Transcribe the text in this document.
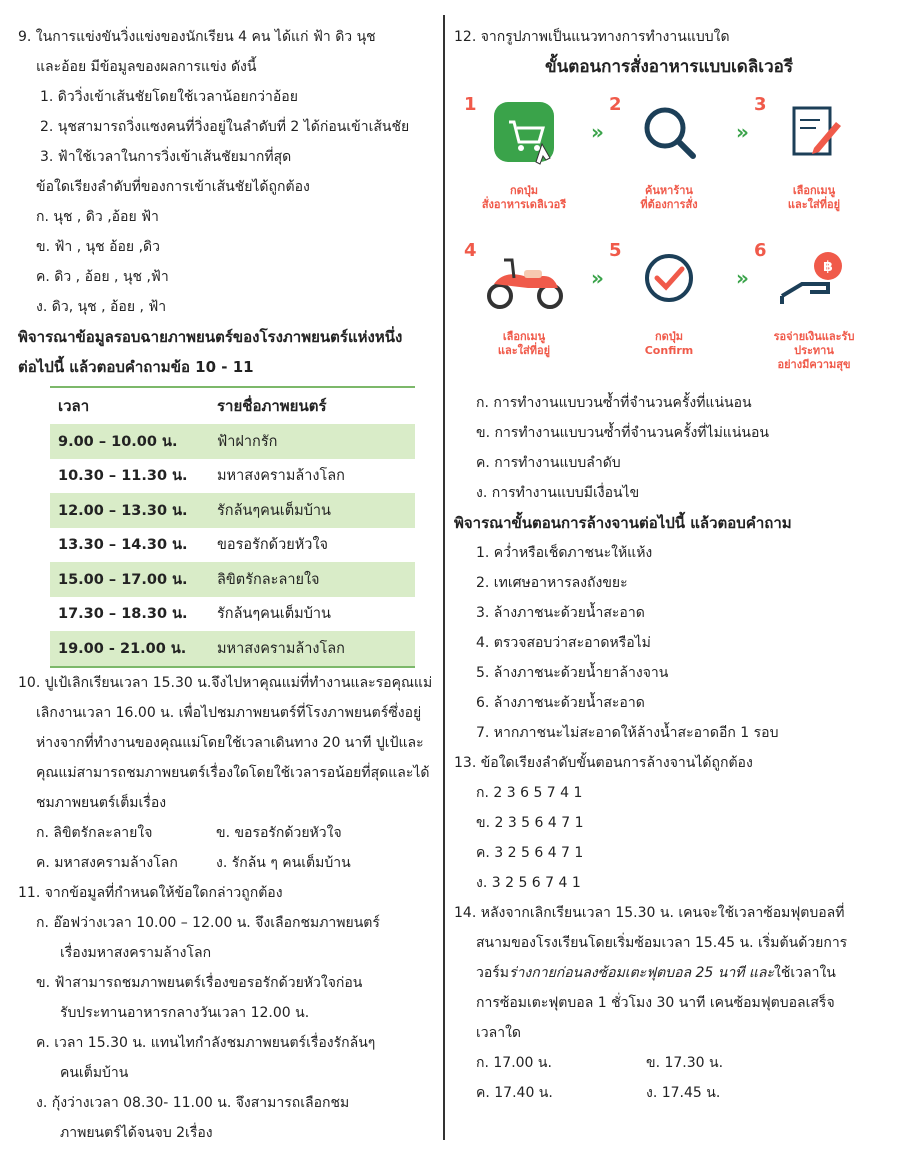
9. ในการแข่งขันวิ่งแข่งของนักเรียน 4 คน ได้แก่ ฟ้า ดิว นุช
และอ้อย มีข้อมูลของผลการแข่ง ดังนี้
1. ดิววิ่งเข้าเส้นชัยโดยใช้เวลาน้อยกว่าอ้อย
2. นุชสามารถวิ่งแซงคนที่วิ่งอยู่ในลำดับที่ 2 ได้ก่อนเข้าเส้นชัย
3. ฟ้าใช้เวลาในการวิ่งเข้าเส้นชัยมากที่สุด
ข้อใดเรียงลำดับที่ของการเข้าเส้นชัยได้ถูกต้อง
ก. นุช , ดิว ,อ้อย ฟ้า
ข. ฟ้า , นุช อ้อย ,ดิว
ค. ดิว , อ้อย , นุช ,ฟ้า
ง. ดิว, นุช , อ้อย , ฟ้า
พิจารณาข้อมูลรอบฉายภาพยนตร์ของโรงภาพยนตร์แห่งหนึ่ง
ต่อไปนี้ แล้วตอบคำถามข้อ 10 - 11
เวลา	รายชื่อภาพยนตร์
9.00 – 10.00 น.	ฟ้าฝากรัก
10.30 – 11.30 น.	มหาสงครามล้างโลก
12.00 – 13.30 น.	รักล้นๆคนเต็มบ้าน
13.30 – 14.30 น.	ขอรอรักด้วยหัวใจ
15.00 – 17.00 น.	ลิขิตรักละลายใจ
17.30 – 18.30 น.	รักล้นๆคนเต็มบ้าน
19.00 - 21.00 น.	มหาสงครามล้างโลก
10. ปูเป้เลิกเรียนเวลา 15.30 น.จึงไปหาคุณแม่ที่ทำงานและรอคุณแม่
เลิกงานเวลา 16.00 น. เพื่อไปชมภาพยนตร์ที่โรงภาพยนตร์ซึ่งอยู่
ห่างจากที่ทำงานของคุณแม่โดยใช้เวลาเดินทาง 20 นาที ปูเป้และ
คุณแม่สามารถชมภาพยนตร์เรื่องใดโดยใช้เวลารอน้อยที่สุดและได้
ชมภาพยนตร์เต็มเรื่อง
ก. ลิขิตรักละลายใจ	ข. ขอรอรักด้วยหัวใจ
ค. มหาสงครามล้างโลก	ง. รักล้น ๆ คนเต็มบ้าน
11. จากข้อมูลที่กำหนดให้ข้อใดกล่าวถูกต้อง
ก. อ๊อฟว่างเวลา 10.00 – 12.00 น. จึงเลือกชมภาพยนตร์
เรื่องมหาสงครามล้างโลก
ข. ฟ้าสามารถชมภาพยนตร์เรื่องขอรอรักด้วยหัวใจก่อน
รับประทานอาหารกลางวันเวลา 12.00 น.
ค. เวลา 15.30 น. แทนไทกำลังชมภาพยนตร์เรื่องรักล้นๆ
คนเต็มบ้าน
ง. กุ้งว่างเวลา 08.30- 11.00 น. จึงสามารถเลือกชม
ภาพยนตร์ได้จนจบ 2เรื่อง
12. จากรูปภาพเป็นแนวทางการทำงานแบบใด
ขั้นตอนการสั่งอาหารแบบเดลิเวอรี
1
กดปุ่ม
สั่งอาหารเดลิเวอรี
»
2
ค้นหาร้าน
ที่ต้องการสั่ง
»
3
เลือกเมนู
และใส่ที่อยู่
4
เลือกเมนู
และใส่ที่อยู่
»
5
กดปุ่ม
Confirm
»
6
฿
รอจ่ายเงินและรับประทาน
อย่างมีความสุข
ก. การทำงานแบบวนซ้ำที่จำนวนครั้งที่แน่นอน
ข. การทำงานแบบวนซ้ำที่จำนวนครั้งที่ไม่แน่นอน
ค. การทำงานแบบลำดับ
ง. การทำงานแบบมีเงื่อนไข
พิจารณาขั้นตอนการล้างจานต่อไปนี้ แล้วตอบคำถาม
1. คว่ำหรือเช็ดภาชนะให้แห้ง
2. เทเศษอาหารลงถังขยะ
3. ล้างภาชนะด้วยน้ำสะอาด
4. ตรวจสอบว่าสะอาดหรือไม่
5. ล้างภาชนะด้วยน้ำยาล้างจาน
6. ล้างภาชนะด้วยน้ำสะอาด
7. หากภาชนะไม่สะอาดให้ล้างน้ำสะอาดอีก 1 รอบ
13. ข้อใดเรียงลำดับขั้นตอนการล้างจานได้ถูกต้อง
ก. 2 3 6 5 7 4 1
ข. 2 3 5 6 4 7 1
ค. 3 2 5 6 4 7 1
ง. 3 2 5 6 7 4 1
14. หลังจากเลิกเรียนเวลา 15.30 น. เคนจะใช้เวลาซ้อมฟุตบอลที่
สนามของโรงเรียนโดยเริ่มซ้อมเวลา 15.45 น. เริ่มต้นด้วยการ
วอร์มร่างกายก่อนลงซ้อมเตะฟุตบอล 25 นาที และใช้เวลาใน
การซ้อมเตะฟุตบอล 1 ชั่วโมง 30 นาที เคนซ้อมฟุตบอลเสร็จ
เวลาใด
ก. 17.00 น.	ข. 17.30 น.
ค. 17.40 น.	ง. 17.45 น.
